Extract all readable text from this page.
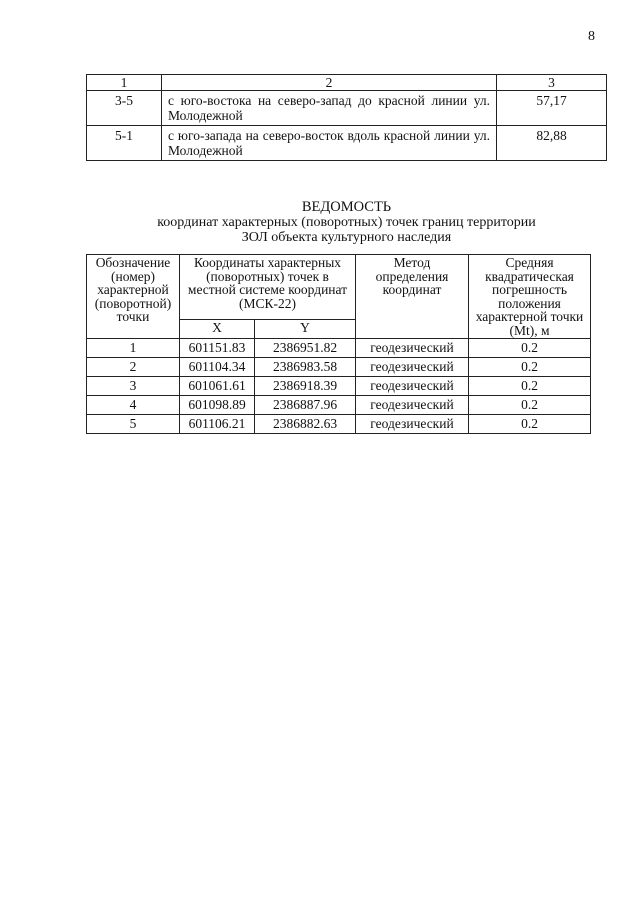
8
1	2	3
3-5	с юго-востока на северо-запад до красной линии ул. Молодежной	57,17
5-1	с юго-запада на северо-восток вдоль красной линии ул. Молодежной	82,88
ВЕДОМОСТЬ
координат характерных (поворотных) точек границ территории
ЗОЛ объекта культурного наследия
Обозначение (номер) характерной (поворотной) точки	Координаты характерных (поворотных) точек в местной системе координат (МСК-22)		Метод определения координат	Средняя квадратическая погрешность положения характерной точки (Mt), м
	X	Y		
1	601151.83	2386951.82	геодезический	0.2
2	601104.34	2386983.58	геодезический	0.2
3	601061.61	2386918.39	геодезический	0.2
4	601098.89	2386887.96	геодезический	0.2
5	601106.21	2386882.63	геодезический	0.2
